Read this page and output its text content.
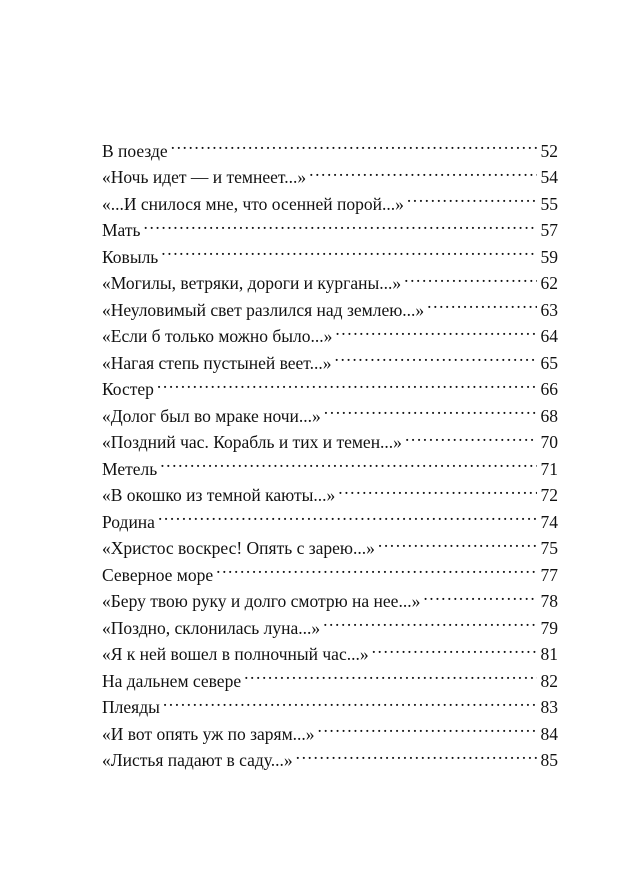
В поезде . . .	52
«Ночь идет — и темнеет...» . . .	54
«...И снилося мне, что осенней порой...» . . .	55
Мать . . .	57
Ковыль . . .	59
«Могилы, ветряки, дороги и курганы...» . . .	62
«Неуловимый свет разлился над землею...» . . .	63
«Если б только можно было...» . . .	64
«Нагая степь пустыней веет...» . . .	65
Костер . . .	66
«Долог был во мраке ночи...» . . .	68
«Поздний час. Корабль и тих и темен...» . . .	70
Метель . . .	71
«В окошко из темной каюты...» . . .	72
Родина . . .	74
«Христос воскрес! Опять с зарею...» . . .	75
Северное море . . .	77
«Беру твою руку и долго смотрю на нее...» . . .	78
«Поздно, склонилась луна...» . . .	79
«Я к ней вошел в полночный час...» . . .	81
На дальнем севере . . .	82
Плеяды . . .	83
«И вот опять уж по зарям...» . . .	84
«Листья падают в саду...» . . .	85
